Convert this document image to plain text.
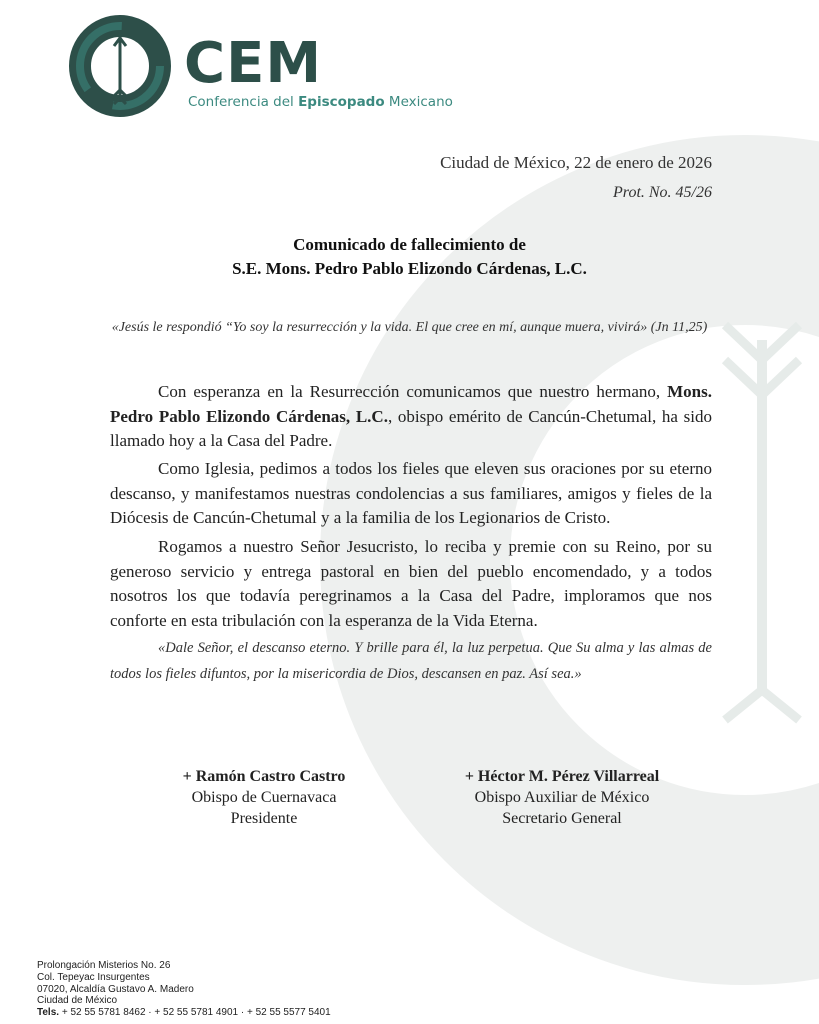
CEM
Conferencia del Episcopado Mexicano
Ciudad de México, 22 de enero de 2026
Prot. No. 45/26
Comunicado de fallecimiento de
S.E. Mons. Pedro Pablo Elizondo Cárdenas, L.C.
«Jesús le respondió “Yo soy la resurrección y la vida. El que cree en mí, aunque muera, vivirá» (Jn 11,25)

Con esperanza en la Resurrección comunicamos que nuestro hermano, Mons. Pedro Pablo Elizondo Cárdenas, L.C., obispo emérito de Cancún-Chetumal, ha sido llamado hoy a la Casa del Padre.

Como Iglesia, pedimos a todos los fieles que eleven sus oraciones por su eterno descanso, y manifestamos nuestras condolencias a sus familiares, amigos y fieles de la Diócesis de Cancún-Chetumal y a la familia de los Legionarios de Cristo.

Rogamos a nuestro Señor Jesucristo, lo reciba y premie con su Reino, por su generoso servicio y entrega pastoral en bien del pueblo encomendado, y a todos nosotros los que todavía peregrinamos a la Casa del Padre, imploramos que nos conforte en esta tribulación con la esperanza de la Vida Eterna.

«Dale Señor, el descanso eterno. Y brille para él, la luz perpetua. Que Su alma y las almas de todos los fieles difuntos, por la misericordia de Dios, descansen en paz. Así sea.»

+ Ramón Castro Castro
Obispo de Cuernavaca
Presidente
+ Héctor M. Pérez Villarreal
Obispo Auxiliar de México
Secretario General
Prolongación Misterios No. 26
Col. Tepeyac Insurgentes
07020, Alcaldía Gustavo A. Madero
Ciudad de México
Tels. + 52 55 5781 8462 · + 52 55 5781 4901 · + 52 55 5577 5401
